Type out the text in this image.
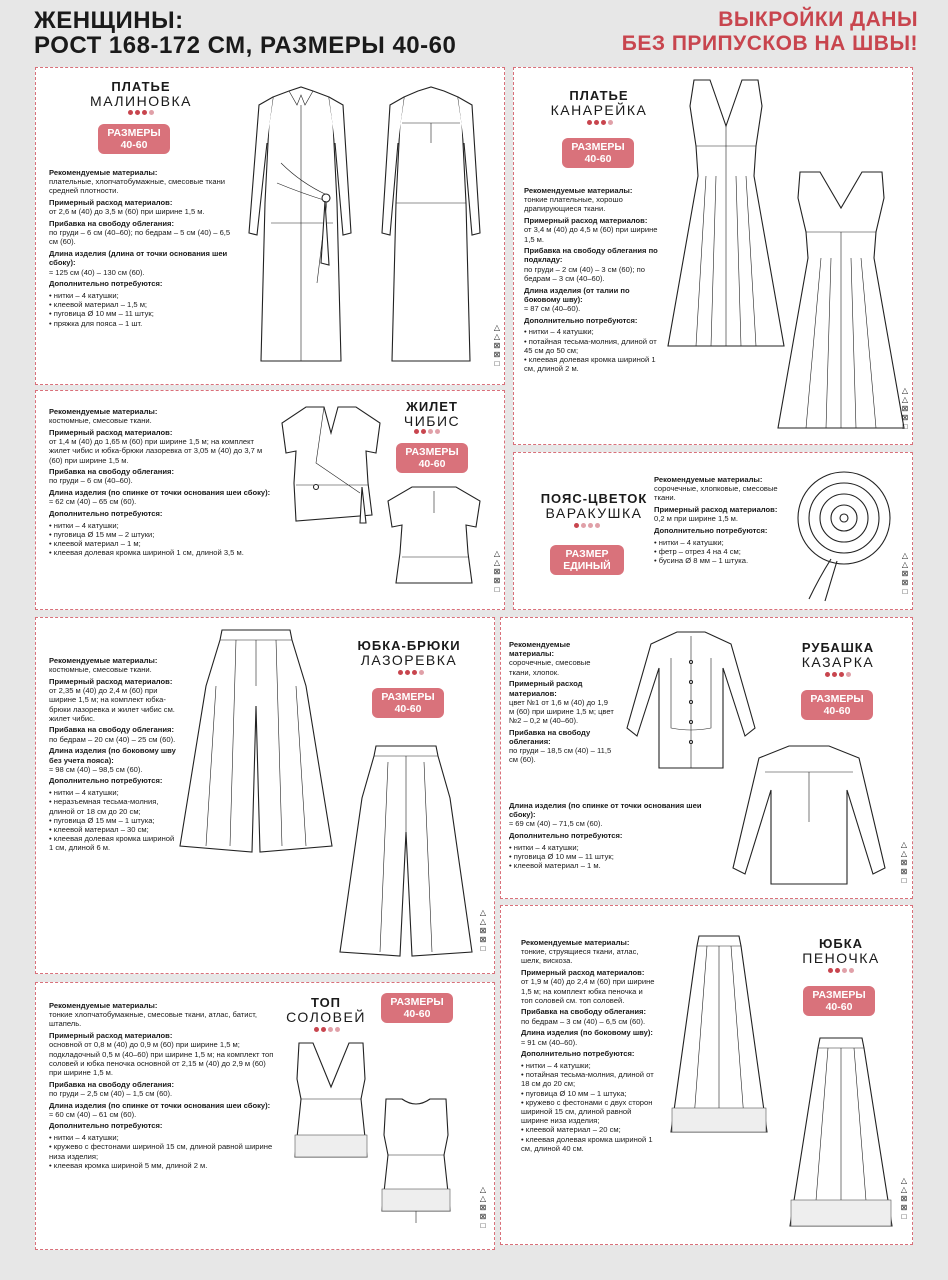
ЖЕНЩИНЫ:
РОСТ 168-172 СМ, РАЗМЕРЫ 40-60
ВЫКРОЙКИ ДАНЫ
БЕЗ ПРИПУСКОВ НА ШВЫ!
ПЛАТЬЕ
МАЛИНОВКА
РАЗМЕРЫ
40-60

Рекомендуемые материалы:
плательные, хлопчатобумажные, смесовые ткани средней плотности.

Примерный расход материалов:
от 2,6 м (40) до 3,5 м (60) при ширине 1,5 м.

Прибавка на свободу облегания:
по груди – 6 см (40–60); по бедрам – 5 см (40) – 6,5 см (60).

Длина изделия (длина от точки основания шеи сбоку):
≈ 125 см (40) – 130 см (60).

Дополнительно потребуются:

• нитки – 4 катушки;
• клеевой материал – 1,5 м;
• пуговица Ø 10 мм – 11 штук;
• пряжка для пояса – 1 шт.	△
△
⊠
⊠
□
ПЛАТЬЕ
КАНАРЕЙКА
РАЗМЕРЫ
40-60

Рекомендуемые материалы:
тонкие плательные, хорошо драпирующиеся ткани.

Примерный расход материалов:
от 3,4 м (40) до 4,5 м (60) при ширине 1,5 м.

Прибавка на свободу облегания по подкладу:
по груди – 2 см (40) – 3 см (60); по бедрам – 3 см (40–60).

Длина изделия (от талии по боковому шву):
≈ 87 см (40–60).

Дополнительно потребуются:

• нитки – 4 катушки;
• потайная тесьма-молния, длиной от 45 см до 50 см;
• клеевая долевая кромка шириной 1 см, длиной 2 м.
△
△
⊠
⊠
□

Рекомендуемые материалы:
костюмные, смесовые ткани.

Примерный расход материалов:
от 1,4 м (40) до 1,65 м (60) при ширине 1,5 м; на комплект жилет чибис и юбка-брюки лазоревка от 3,05 м (40) до 3,7 м (60) при ширине 1,5 м.

Прибавка на свободу облегания:
по груди – 6 см (40–60).

Длина изделия (по спинке от точки основания шеи сбоку):
≈ 62 см (40) – 65 см (60).

Дополнительно потребуются:

• нитки – 4 катушки;
• пуговица Ø 15 мм – 2 штуки;
• клеевой материал – 1 м;
• клеевая долевая кромка шириной 1 см, длиной 3,5 м.
ЖИЛЕТ
ЧИБИС
РАЗМЕРЫ
40-60
△
△
⊠
⊠
□
ПОЯС-ЦВЕТОК
ВАРАКУШКА
РАЗМЕР
ЕДИНЫЙ

Рекомендуемые материалы:
сорочечные, хлопковые, смесовые ткани.

Примерный расход материалов:
0,2 м при ширине 1,5 м.

Дополнительно потребуются:

• нитки – 4 катушки;
• фетр – отрез 4 на 4 см;
• бусина Ø 8 мм – 1 штука.
△
△
⊠
⊠
□

Рекомендуемые материалы:
костюмные, смесовые ткани.

Примерный расход материалов:
от 2,35 м (40) до 2,4 м (60) при ширине 1,5 м; на комплект юбка-брюки лазоревка и жилет чибис см. жилет чибис.

Прибавка на свободу облегания:
по бедрам – 20 см (40) – 25 см (60).

Длина изделия (по боковому шву без учета пояса):
≈ 98 см (40) – 98,5 см (60).

Дополнительно потребуются:

• нитки – 4 катушки;
• неразъемная тесьма-молния, длиной от 18 см до 20 см;
• пуговица Ø 15 мм – 1 штука;
• клеевой материал – 30 см;
• клеевая долевая кромка шириной 1 см, длиной 6 м.
ЮБКА-БРЮКИ
ЛАЗОРЕВКА
РАЗМЕРЫ
40-60
△
△
⊠
⊠
□

Рекомендуемые материалы:
сорочечные, смесовые ткани, хлопок.

Примерный расход материалов:
цвет №1 от 1,6 м (40) до 1,9 м (60) при ширине 1,5 м; цвет №2 – 0,2 м (40–60).

Прибавка на свободу облегания:
по груди – 18,5 см (40) – 11,5 см (60).

Длина изделия (по спинке от точки основания шеи сбоку):
≈ 69 см (40) – 71,5 см (60).

Дополнительно потребуются:

• нитки – 4 катушки;
• пуговица Ø 10 мм – 11 штук;
• клеевой материал – 1 м.
РУБАШКА
КАЗАРКА
РАЗМЕРЫ
40-60
△
△
⊠
⊠
□

Рекомендуемые материалы:
тонкие хлопчатобумажные, смесовые ткани, атлас, батист, штапель.

Примерный расход материалов:
основной от 0,8 м (40) до 0,9 м (60) при ширине 1,5 м; подкладочный 0,5 м (40–60) при ширине 1,5 м; на комплект топ соловей и юбка пеночка основной от 2,15 м (40) до 2,9 м (60) при ширине 1,5 м.

Прибавка на свободу облегания:
по груди – 2,5 см (40) – 1,5 см (60).

Длина изделия (по спинке от точки основания шеи сбоку):
≈ 60 см (40) – 61 см (60).

Дополнительно потребуются:

• нитки – 4 катушки;
• кружево с фестонами шириной 15 см, длиной равной ширине низа изделия;
• клеевая кромка шириной 5 мм, длиной 2 м.
ТОП
СОЛОВЕЙ
РАЗМЕРЫ
40-60
△
△
⊠
⊠
□

Рекомендуемые материалы:
тонкие, струящиеся ткани, атлас, шелк, вискоза.

Примерный расход материалов:
от 1,9 м (40) до 2,4 м (60) при ширине 1,5 м; на комплект юбка пеночка и топ соловей см. топ соловей.

Прибавка на свободу облегания:
по бедрам – 3 см (40) – 6,5 см (60).

Длина изделия (по боковому шву):
≈ 91 см (40–60).

Дополнительно потребуются:

• нитки – 4 катушки;
• потайная тесьма-молния, длиной от 18 см до 20 см;
• пуговица Ø 10 мм – 1 штука;
• кружево с фестонами с двух сторон шириной 15 см, длиной равной ширине низа изделия;
• клеевой материал – 20 см;
• клеевая долевая кромка шириной 1 см, длиной 40 см.
ЮБКА
ПЕНОЧКА
РАЗМЕРЫ
40-60
△
△
⊠
⊠
□
